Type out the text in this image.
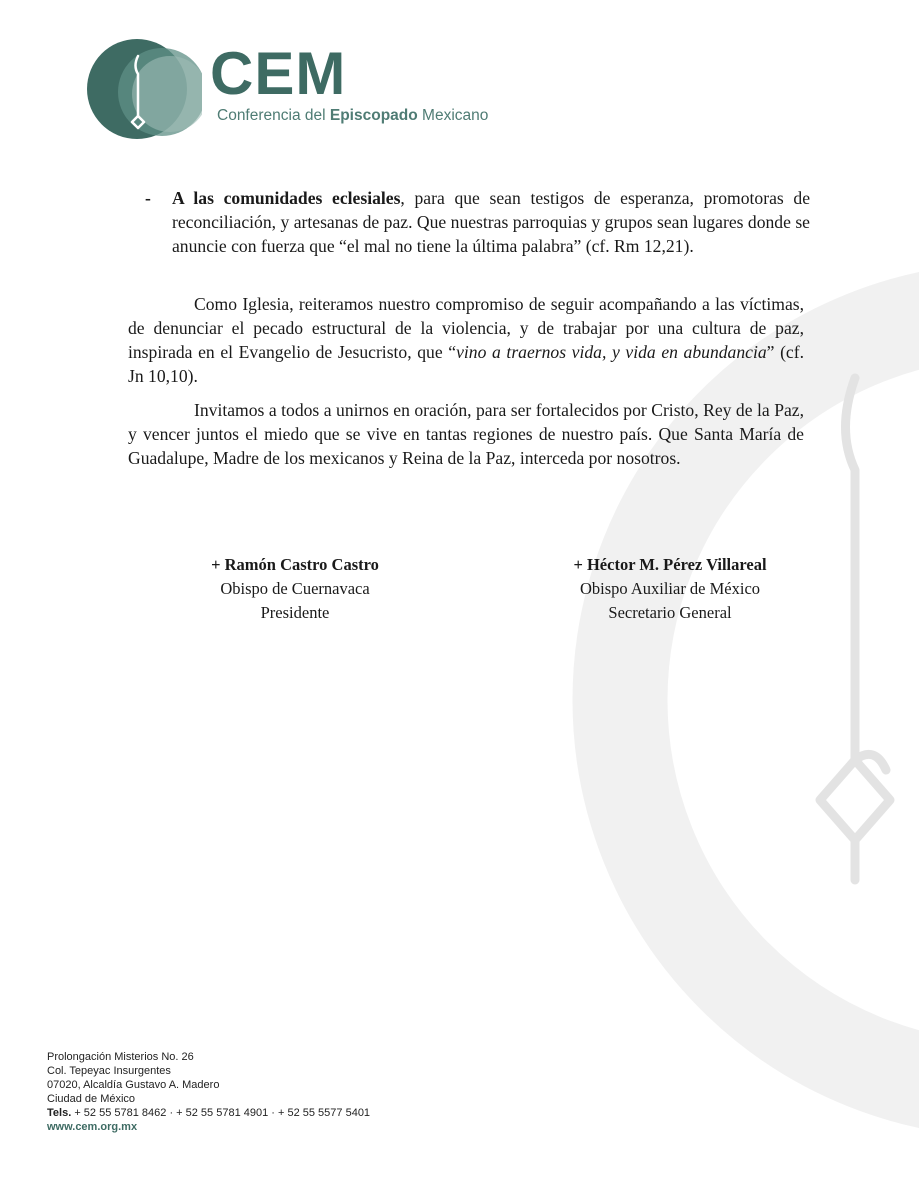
CEM
Conferencia del Episcopado Mexicano
- A las comunidades eclesiales, para que sean testigos de esperanza, promotoras de reconciliación, y artesanas de paz. Que nuestras parroquias y grupos sean lugares donde se anuncie con fuerza que “el mal no tiene la última palabra” (cf. Rm 12,21).
Como Iglesia, reiteramos nuestro compromiso de seguir acompañando a las víctimas, de denunciar el pecado estructural de la violencia, y de trabajar por una cultura de paz, inspirada en el Evangelio de Jesucristo, que “vino a traernos vida, y vida en abundancia” (cf. Jn 10,10).
Invitamos a todos a unirnos en oración, para ser fortalecidos por Cristo, Rey de la Paz, y vencer juntos el miedo que se vive en tantas regiones de nuestro país. Que Santa María de Guadalupe, Madre de los mexicanos y Reina de la Paz, interceda por nosotros.
+ Ramón Castro Castro
Obispo de Cuernavaca
Presidente
+ Héctor M. Pérez Villareal
Obispo Auxiliar de México
Secretario General
Prolongación Misterios No. 26
Col. Tepeyac Insurgentes
07020, Alcaldía Gustavo A. Madero
Ciudad de México
Tels. + 52 55 5781 8462 · + 52 55 5781 4901 · + 52 55 5577 5401
www.cem.org.mx
